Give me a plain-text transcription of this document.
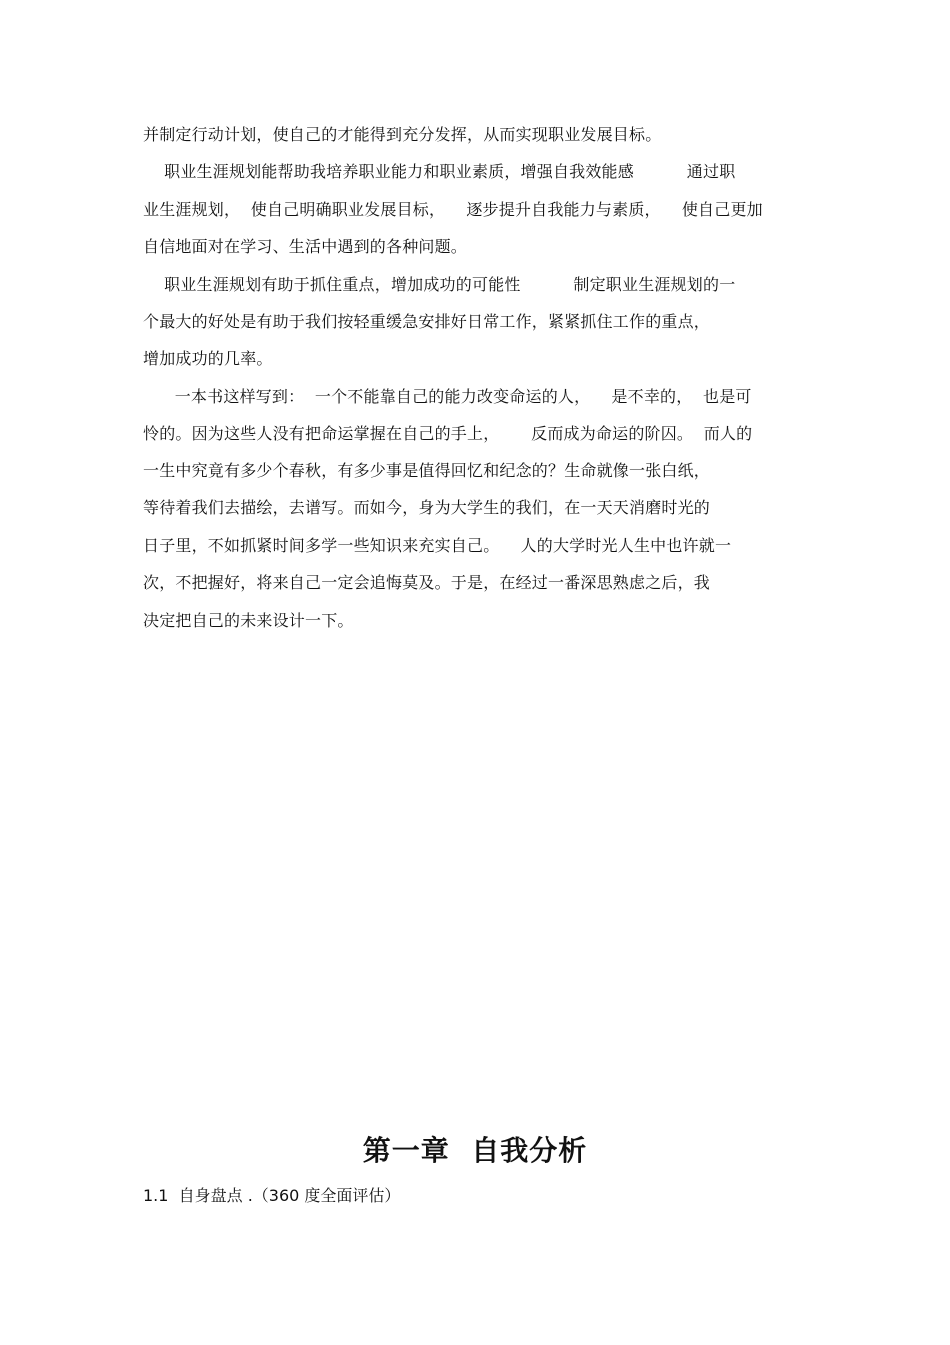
并制定行动计划，使自己的才能得到充分发挥，从而实现职业发展目标。
职业生涯规划能帮助我培养职业能力和职业素质，增强自我效能感          通过职
业生涯规划，  使自己明确职业发展目标，    逐步提升自我能力与素质，    使自己更加
自信地面对在学习、生活中遇到的各种问题。
职业生涯规划有助于抓住重点，增加成功的可能性          制定职业生涯规划的一
个最大的好处是有助于我们按轻重缓急安排好日常工作，紧紧抓住工作的重点，
增加成功的几率。
一本书这样写到：  一个不能靠自己的能力改变命运的人，    是不幸的，  也是可
怜的。因为这些人没有把命运掌握在自己的手上，      反而成为命运的阶囚。  而人的
一生中究竟有多少个春秋，有多少事是值得回忆和纪念的？生命就像一张白纸，
等待着我们去描绘，去谱写。而如今，身为大学生的我们，在一天天消磨时光的
日子里，不如抓紧时间多学一些知识来充实自己。    人的大学时光人生中也许就一
次，不把握好，将来自己一定会追悔莫及。于是，在经过一番深思熟虑之后，我
决定把自己的未来设计一下。
第一章  自我分析
1.1  自身盘点 .（360 度全面评估）
